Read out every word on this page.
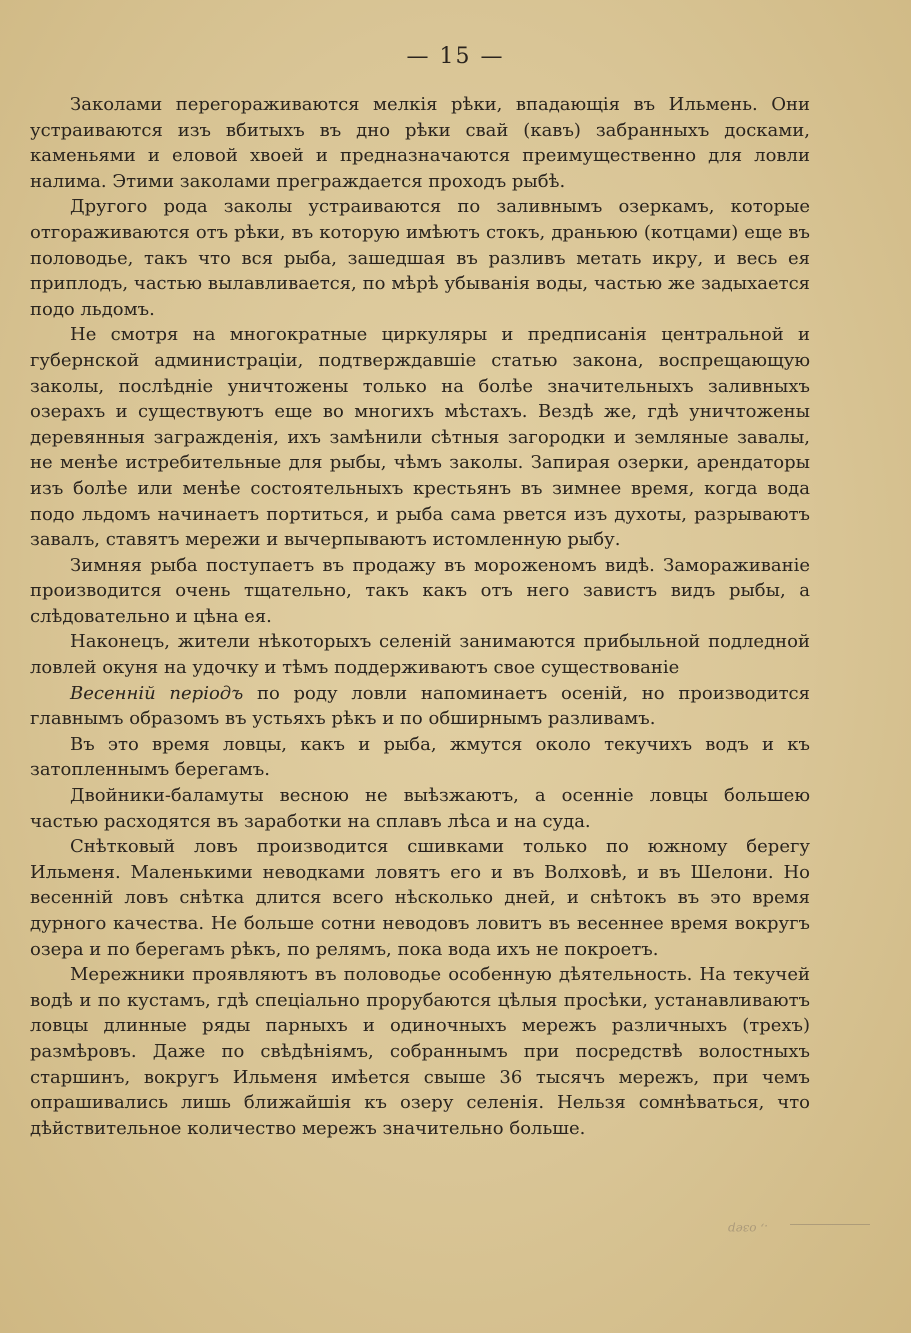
— 15 —

Заколами перегораживаются мелкія рѣки, впадающія въ Ильмень. Они устраиваются изъ вбитыхъ въ дно рѣки свай (кавъ) забранныхъ досками, каменьями и еловой хвоей и предназначаются преимущественно для ловли налима. Этими заколами преграждается проходъ рыбѣ.

Другого рода заколы устраиваются по заливнымъ озеркамъ, которые отгораживаются отъ рѣки, въ которую имѣютъ стокъ, драньюю (котцами) еще въ половодье, такъ что вся рыба, зашедшая въ разливъ метать икру, и весь ея приплодъ, частью вылавливается, по мѣрѣ убыванія воды, частью же задыхается подо льдомъ.

Не смотря на многократные циркуляры и предписанія центральной и губернской администраціи, подтверждавшіе статью закона, воспрещающую заколы, послѣдніе уничтожены только на болѣе значительныхъ заливныхъ озерахъ и существуютъ еще во многихъ мѣстахъ. Вездѣ же, гдѣ уничтожены деревянныя загражденія, ихъ замѣнили сѣтныя загородки и земляные завалы, не менѣе истребительные для рыбы, чѣмъ заколы. Запирая озерки, арендаторы изъ болѣе или менѣе состоятельныхъ крестьянъ въ зимнее время, когда вода подо льдомъ начинаетъ портиться, и рыба сама рвется изъ духоты, разрываютъ завалъ, ставятъ мережи и вычерпываютъ истомленную рыбу.

Зимняя рыба поступаетъ въ продажу въ мороженомъ видѣ. Замораживаніе производится очень тщательно, такъ какъ отъ него завистъ видъ рыбы, а слѣдовательно и цѣна ея.

Наконецъ, жители нѣкоторыхъ селеній занимаются прибыльной подледной ловлей окуня на удочку и тѣмъ поддерживаютъ свое существованіе

Весенній періодъ по роду ловли напоминаетъ осеній, но производится главнымъ образомъ въ устьяхъ рѣкъ и по обширнымъ разливамъ.

Въ это время ловцы, какъ и рыба, жмутся около текучихъ водъ и къ затопленнымъ берегамъ.

Двойники-баламуты весною не выѣзжаютъ, а осенніе ловцы большею частью расходятся въ заработки на сплавъ лѣса и на суда.

Снѣтковый ловъ производится сшивками только по южному берегу Ильменя. Маленькими неводками ловятъ его и въ Волховѣ, и въ Шелони. Но весенній ловъ снѣтка длится всего нѣсколько дней, и снѣтокъ въ это время дурного качества. Не больше сотни неводовъ ловитъ въ весеннее время вокругъ озера и по берегамъ рѣкъ, по релямъ, пока вода ихъ не покроетъ.

Мережники проявляютъ въ половодье особенную дѣятельность. На текучей водѣ и по кустамъ, гдѣ спеціально прорубаются цѣлыя просѣки, устанавливаютъ ловцы длинные ряды парныхъ и одиночныхъ мережъ различныхъ (трехъ) размѣровъ. Даже по свѣдѣніямъ, собраннымъ при посредствѣ волостныхъ старшинъ, вокругъ Ильменя имѣется свыше 36 тысячъ мережъ, при чемъ опрашивались лишь ближайшія къ озеру селенія. Нельзя сомнѣваться, что дѣйствительное количество мережъ значительно больше.

., озер
